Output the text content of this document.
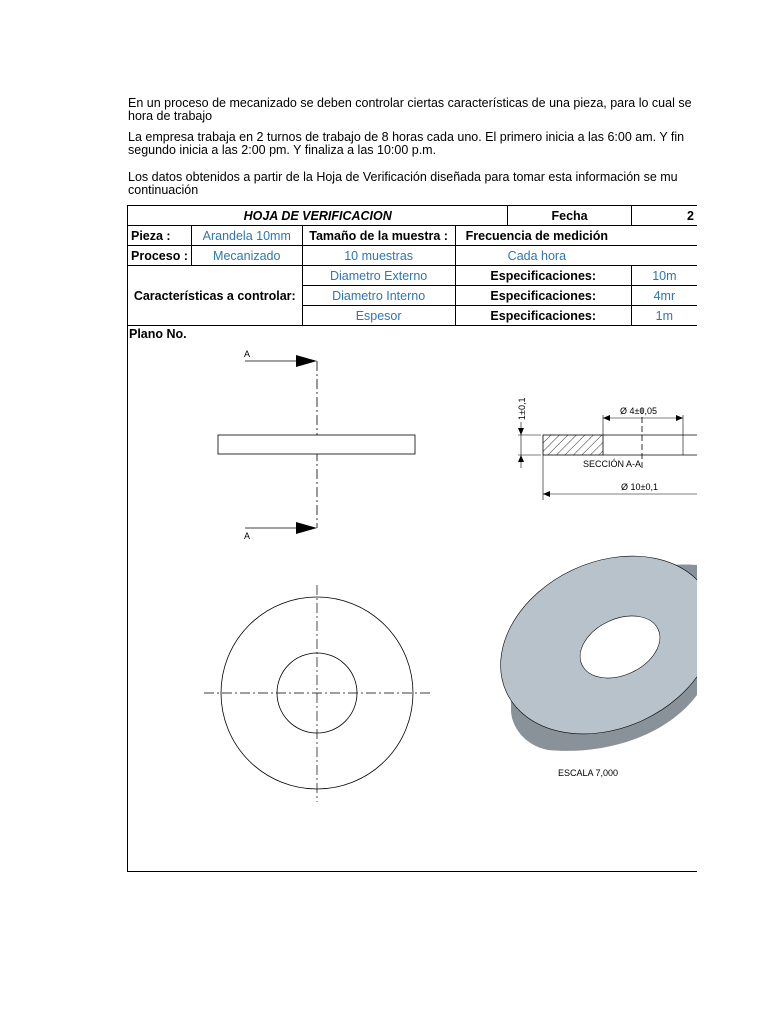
En un proceso de mecanizado se deben controlar ciertas características de una pieza, para lo cual se
hora de trabajo
La empresa trabaja en 2 turnos de trabajo de 8 horas cada uno. El primero inicia a las 6:00 am. Y fin
segundo inicia a las 2:00 pm. Y finaliza a las 10:00 p.m.
Los datos obtenidos a partir de la Hoja de Verificación diseñada para tomar esta información se mu
continuación
HOJA DE VERIFICACION				Fecha	2
Pieza :	Arandela 10mm	Tamaño de la muestra :	Frecuencia de medición		
Proceso :	Mecanizado	10 muestras	Cada hora		
Características a controlar:		Diametro Externo	Especificaciones:		10m
		Diametro Interno	Especificaciones:		4mr
		Espesor	Especificaciones:		1m
Plano No.
A
A
Ø 4±0,05
1±0,1
SECCIÓN A-A
Ø 10±0,1
ESCALA 7,000
